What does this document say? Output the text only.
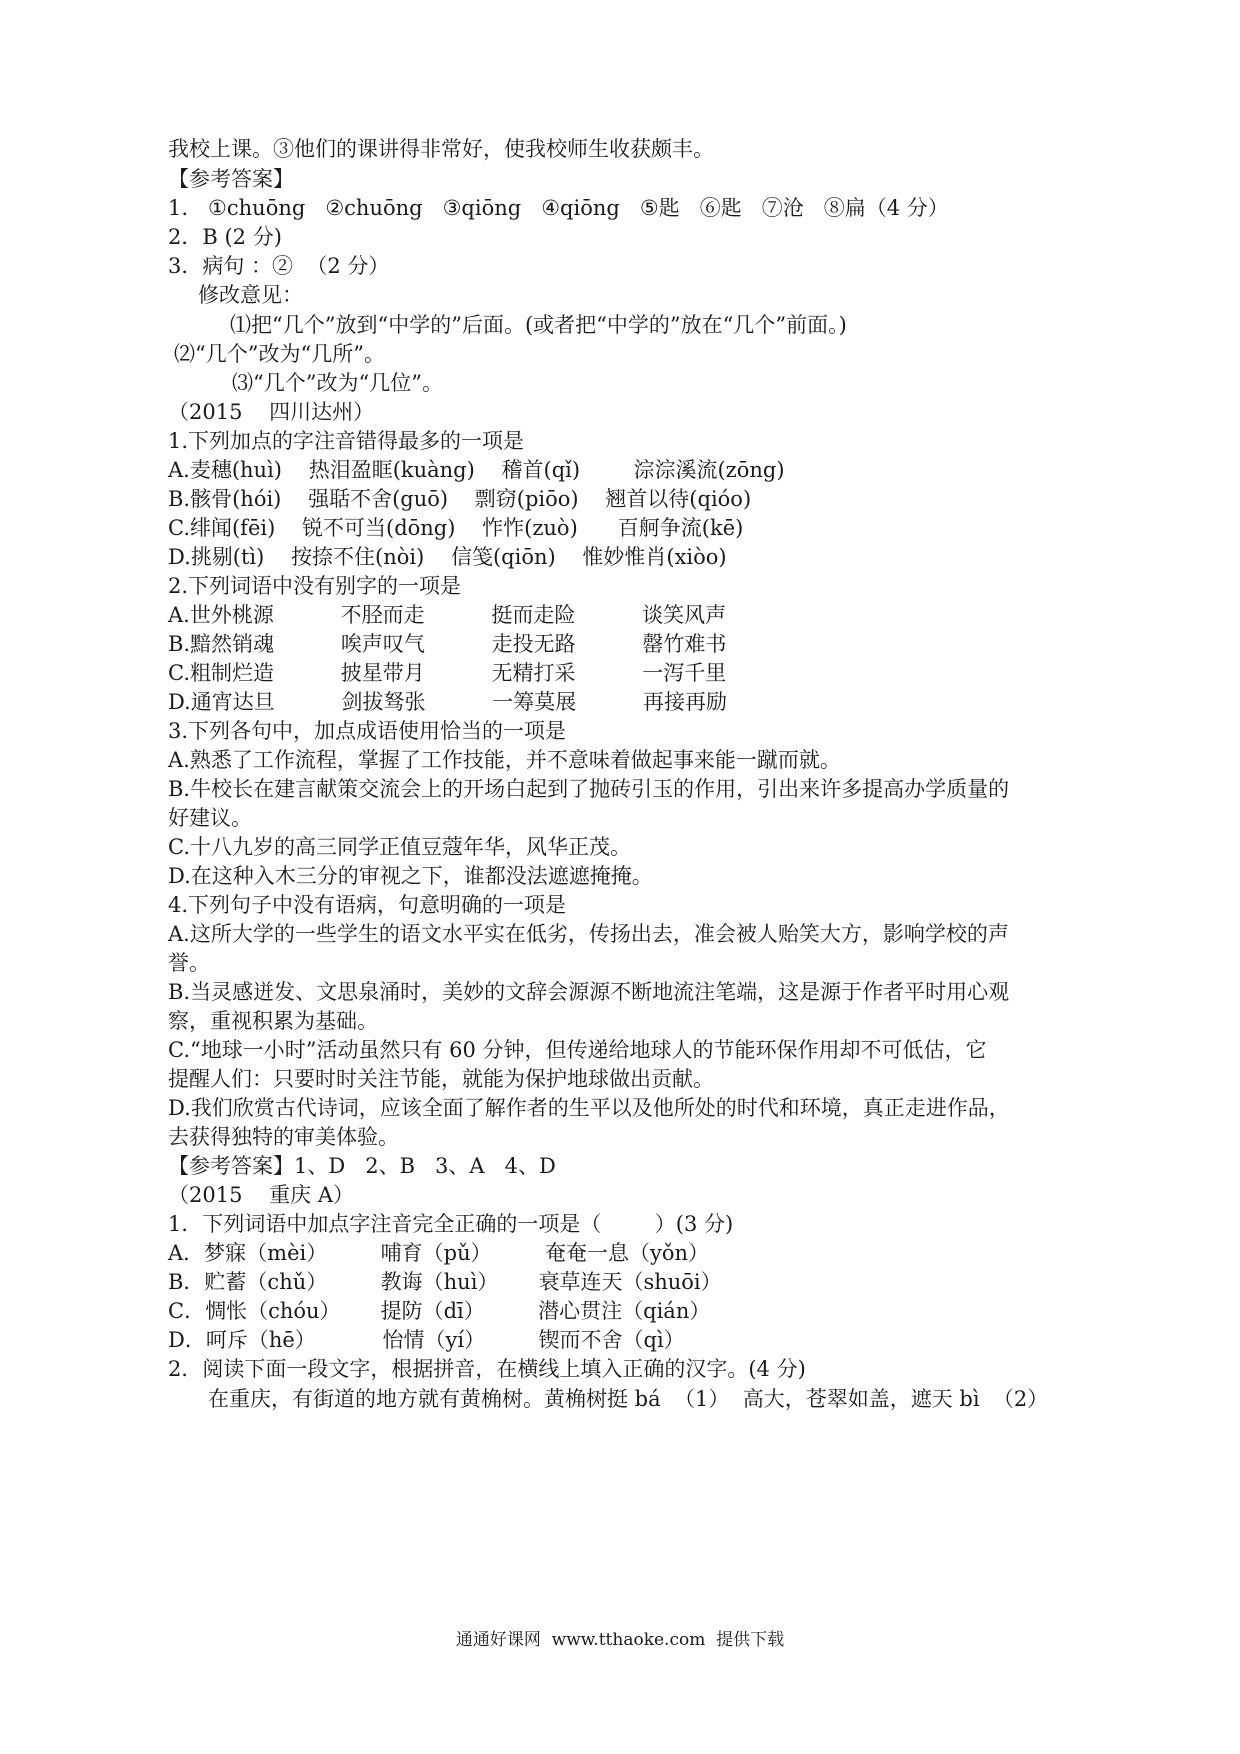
我校上课。③他们的课讲得非常好，使我校师生收获颇丰。
【参考答案】
1.   ①chuōng   ②chuōng   ③qiōng   ④qiōng   ⑤匙   ⑥匙   ⑦沧   ⑧扁（4 分）
2．B (2 分)
3．病句 ：②  （2 分）
修改意见：
⑴把“几个”放到“中学的”后面。(或者把“中学的”放在“几个”前面。)
⑵“几个”改为“几所”。
⑶“几个”改为“几位”。
（2015    四川达州）
1.下列加点的字注音错得最多的一项是
A.麦穗(huì)    热泪盈眶(kuàng)    稽首(qǐ)        淙淙溪流(zōng)
B.骸骨(hói)    强聒不舍(guō)    剽窃(piōo)    翘首以待(qióo)
C.绯闻(fēi)    锐不可当(dōng)    怍怍(zuò)      百舸争流(kē)
D.挑剔(tì)    按捺不住(nòi)    信笺(qiōn)    惟妙惟肖(xiòo)
2.下列词语中没有别字的一项是
A.世外桃源          不胫而走          挺而走险          谈笑风声
B.黯然销魂          唉声叹气          走投无路          罄竹难书
C.粗制烂造          披星带月          无精打采          一泻千里
D.通宵达旦          剑拔驽张          一筹莫展          再接再励
3.下列各句中，加点成语使用恰当的一项是
A.熟悉了工作流程，掌握了工作技能，并不意味着做起事来能一蹴而就。
B.牛校长在建言献策交流会上的开场白起到了抛砖引玉的作用，引出来许多提高办学质量的
好建议。
C.十八九岁的高三同学正值豆蔻年华，风华正茂。
D.在这种入木三分的审视之下，谁都没法遮遮掩掩。
4.下列句子中没有语病，句意明确的一项是
A.这所大学的一些学生的语文水平实在低劣，传扬出去，准会被人贻笑大方，影响学校的声
誉。
B.当灵感迸发、文思泉涌时，美妙的文辞会源源不断地流注笔端，这是源于作者平时用心观
察，重视积累为基础。
C.“地球一小时”活动虽然只有 60 分钟，但传递给地球人的节能环保作用却不可低估，它
提醒人们：只要时时关注节能，就能为保护地球做出贡献。
D.我们欣赏古代诗词，应该全面了解作者的生平以及他所处的时代和环境，真正走进作品，
去获得独特的审美体验。
【参考答案】1、D   2、B   3、A   4、D
（2015    重庆 A）
1．下列词语中加点字注音完全正确的一项是（        ）(3 分)
A．梦寐（mèi）        哺育（pǔ）        奄奄一息（yǒn）
B．贮蓄（chǔ）        教诲（huì）      衰草连天（shuōi）
C．惆怅（chóu）      提防（dī）        潜心贯注（qián）
D．呵斥（hē）          怡情（yí）        锲而不舍（qì）
2．阅读下面一段文字，根据拼音，在横线上填入正确的汉字。(4 分)
在重庆，有街道的地方就有黄桷树。黄桷树挺 bá  （1）  高大，苍翠如盖，遮天 bì  （2）
通通好课网  www.tthaoke.com  提供下载
